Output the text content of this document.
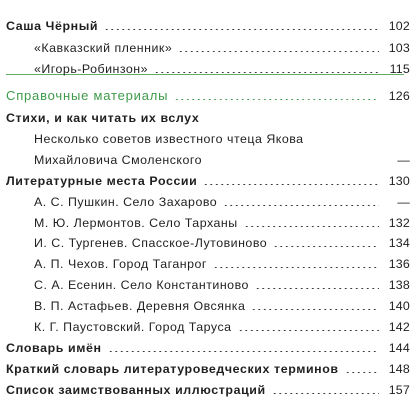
Саша Чёрный	102
«Кавказский пленник»	103
«Игорь-Робинзон»	115
Справочные материалы	126
Стихи, и как читать их вслух
Несколько советов известного чтеца Якова
Михайловича Смоленского	—
Литературные места России	130
А. С. Пушкин. Село Захарово	—
М. Ю. Лермонтов. Село Тарханы	132
И. С. Тургенев. Спасское-Лутовиново	134
А. П. Чехов. Город Таганрог	136
С. А. Есенин. Село Константиново	138
В. П. Астафьев. Деревня Овсянка	140
К. Г. Паустовский. Город Таруса	142
Словарь имён	144
Краткий словарь литературоведческих терминов	148
Список заимствованных иллюстраций	157
